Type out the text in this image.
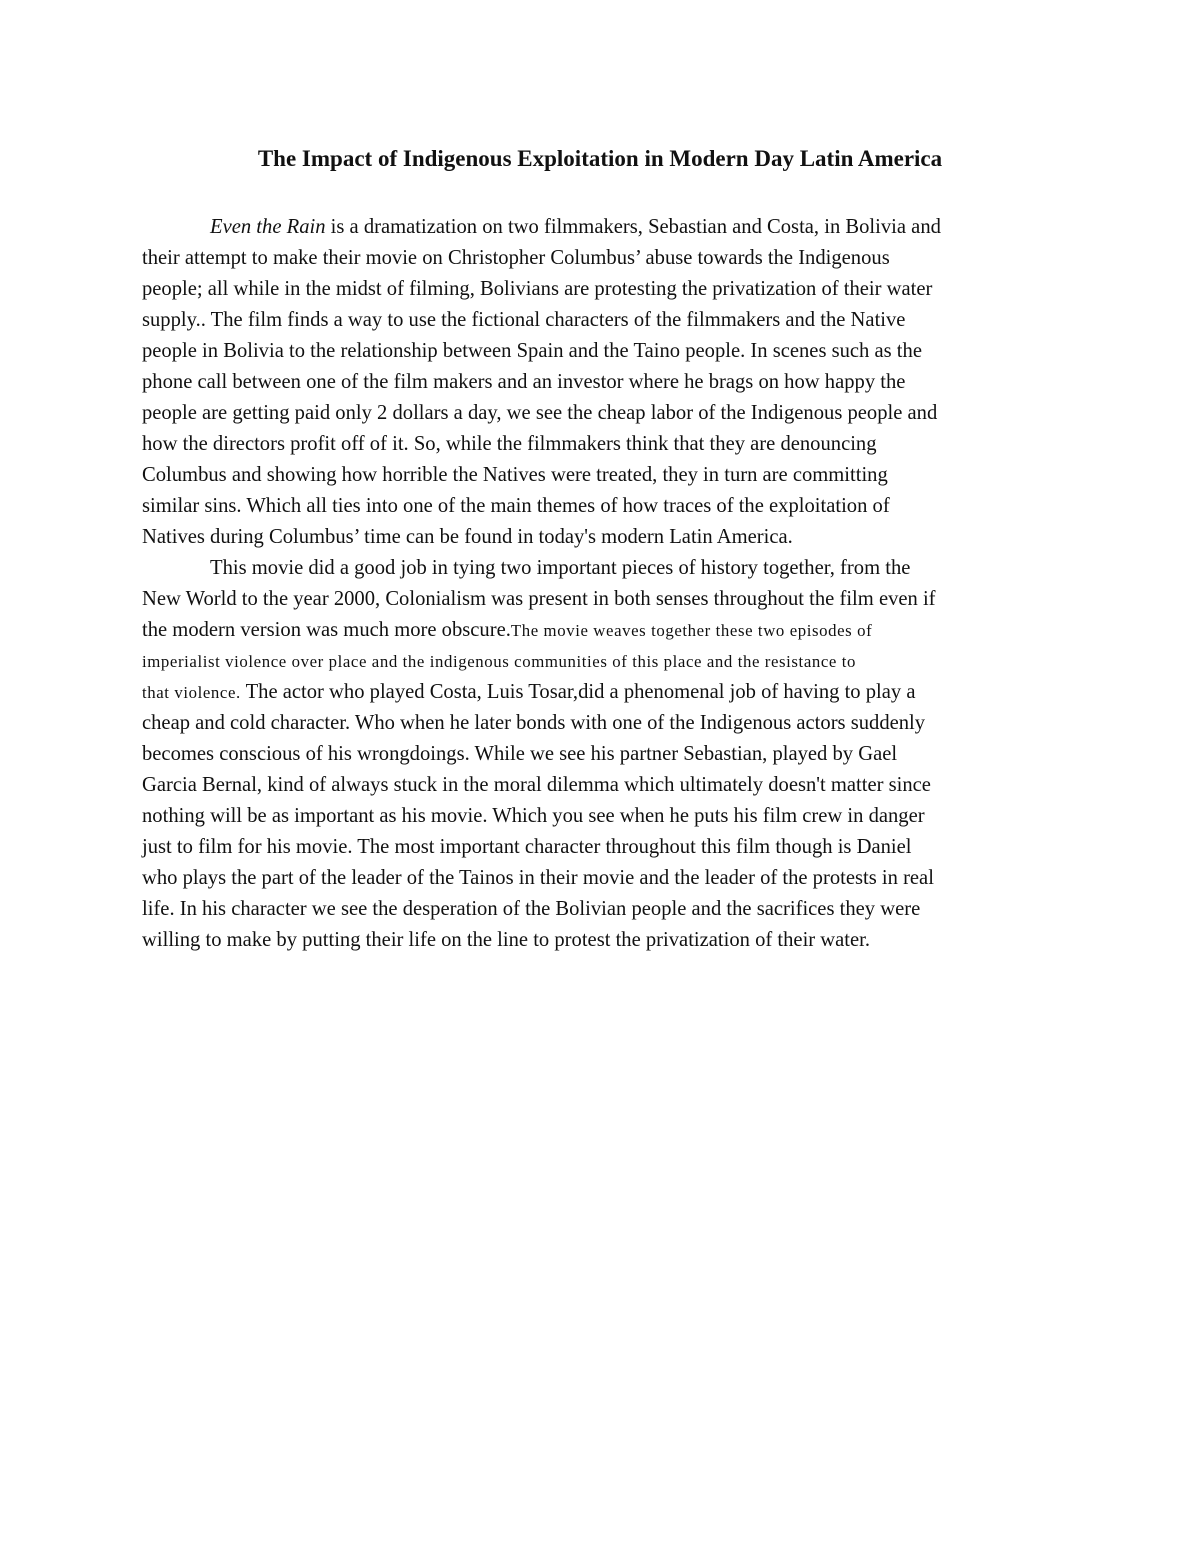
The Impact of Indigenous Exploitation in Modern Day Latin America
Even the Rain is a dramatization on two filmmakers, Sebastian and Costa, in Bolivia and
their attempt to make their movie on Christopher Columbus’ abuse towards the Indigenous
people; all while in the midst of filming, Bolivians are protesting the privatization of their water
supply.. The film finds a way to use the fictional characters of the filmmakers and the Native
people in Bolivia to the relationship between Spain and the Taino people. In scenes such as the
phone call between one of the film makers and an investor where he brags on how happy the
people are getting paid only 2 dollars a day, we see the cheap labor of the Indigenous people and
how the directors profit off of it. So, while the filmmakers think that they are denouncing
Columbus and showing how horrible the Natives were treated, they in turn are committing
similar sins. Which all ties into one of the main themes of how traces of the exploitation of
Natives during Columbus’ time can be found in today's modern Latin America.
This movie did a good job in tying two important pieces of history together, from the
New World to the year 2000, Colonialism was present in both senses throughout the film even if
the modern version was much more obscure.The movie weaves together these two episodes of
imperialist violence over place and the indigenous communities of this place and the resistance to
that violence. The actor who played Costa, Luis Tosar,did a phenomenal job of having to play a
cheap and cold character. Who when he later bonds with one of the Indigenous actors suddenly
becomes conscious of his wrongdoings. While we see his partner Sebastian, played by Gael
Garcia Bernal, kind of always stuck in the moral dilemma which ultimately doesn't matter since
nothing will be as important as his movie. Which you see when he puts his film crew in danger
just to film for his movie. The most important character throughout this film though is Daniel
who plays the part of the leader of the Tainos in their movie and the leader of the protests in real
life. In his character we see the desperation of the Bolivian people and the sacrifices they were
willing to make by putting their life on the line to protest the privatization of their water.
